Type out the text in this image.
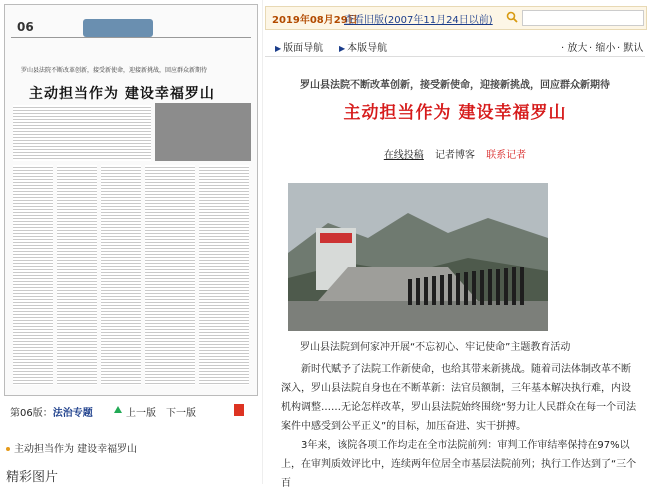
06
罗山县法院不断改革创新，接受新使命，迎接新挑战，回应群众新期待
主动担当作为 建设幸福罗山
第06版：法治专题	上一版 下一版
主动担当作为 建设幸福罗山
精彩图片
2019年08月29日
查看旧版(2007年11月24日以前)
▶ 版面导航 ▶ 本版导航	· 放大 · 缩小 · 默认
罗山县法院不断改革创新，接受新使命，迎接新挑战，回应群众新期待
主动担当作为 建设幸福罗山
在线投稿 记者博客 联系记者
罗山县法院到何家冲开展“不忘初心、牢记使命”主题教育活动

新时代赋予了法院工作新使命，也给其带来新挑战。随着司法体制改革不断深入，罗山县法院自身也在不断革新：法官员额制，三年基本解决执行难，内设机构调整……无论怎样改革，罗山县法院始终围绕“努力让人民群众在每一个司法案件中感受到公平正义”的目标，加压奋进、实干拼搏。

3年来，该院各项工作均走在全市法院前列：审判工作审结率保持在97%以上，在审判质效评比中，连续两年位居全市基层法院前列；执行工作达到了“三个百
